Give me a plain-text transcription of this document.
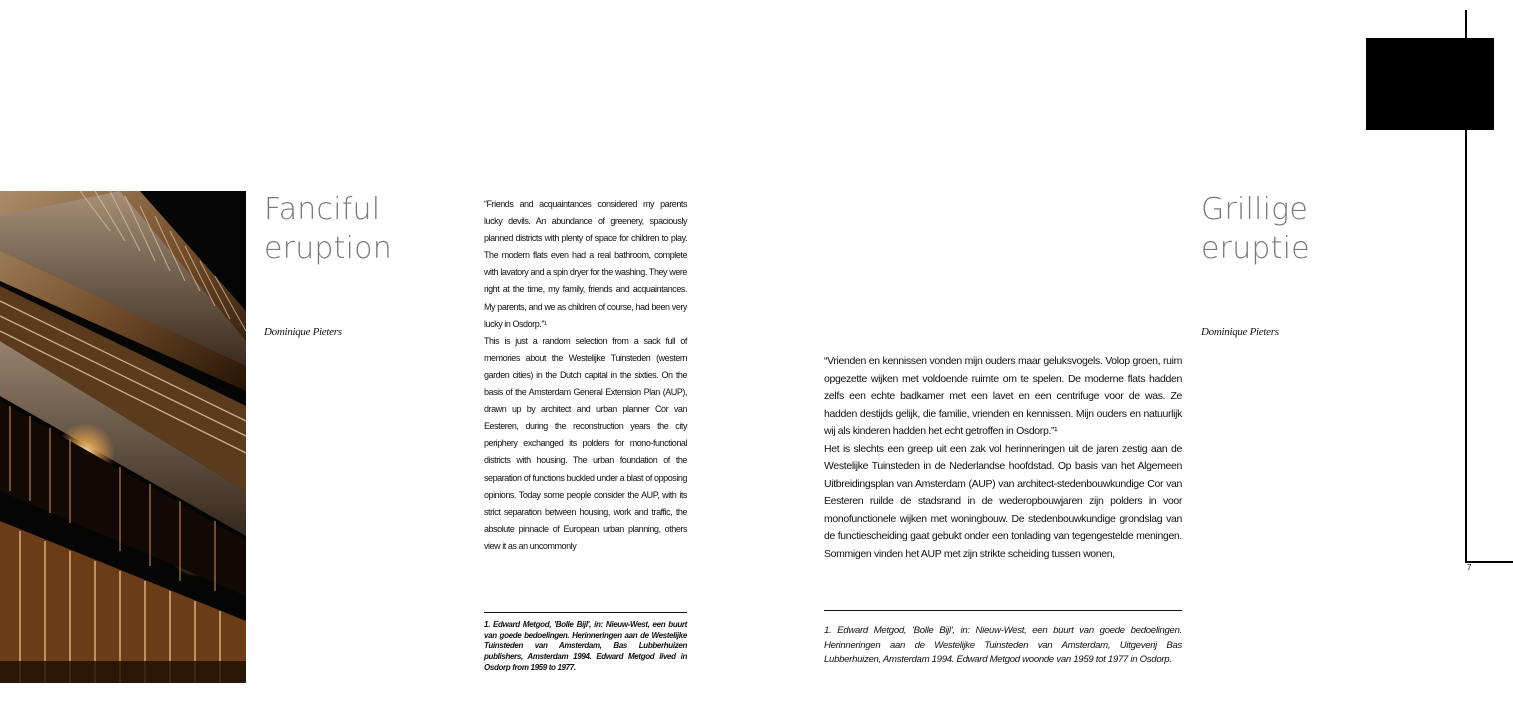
Fanciful
eruption
Dominique Pieters

“Friends and acquaintances considered my parents lucky devils. An abundance of greenery, spaciously planned districts with plenty of space for children to play. The modern flats even had a real bathroom, complete with lavatory and a spin dryer for the washing. They were right at the time, my family, friends and acquaintances. My parents, and we as children of course, had been very lucky in Osdorp.”¹

This is just a random selection from a sack full of memories about the Westelijke Tuinsteden (western garden cities) in the Dutch capital in the sixties. On the basis of the Amsterdam General Extension Plan (AUP), drawn up by architect and urban planner Cor van Eesteren, during the reconstruction years the city periphery exchanged its polders for mono-functional districts with housing. The urban foundation of the separation of functions buckled under a blast of opposing opinions. Today some people consider the AUP, with its strict separation between housing, work and traffic, the absolute pinnacle of European urban planning, others view it as an uncommonly

1. Edward Metgod, 'Bolle Bijl', in: Nieuw-West, een buurt van goede bedoelingen. Herinneringen aan de Westelijke Tuinsteden van Amsterdam, Bas Lubberhuizen publishers, Amsterdam 1994. Edward Metgod lived in Osdorp from 1959 to 1977.

“Vrienden en kennissen vonden mijn ouders maar geluksvogels. Volop groen, ruim opgezette wijken met voldoende ruimte om te spelen. De moderne flats hadden zelfs een echte badkamer met een lavet en een centrifuge voor de was. Ze hadden destijds gelijk, die familie, vrienden en kennissen. Mijn ouders en natuurlijk wij als kinderen hadden het echt getroffen in Osdorp.”¹

Het is slechts een greep uit een zak vol herinneringen uit de jaren zestig aan de Westelijke Tuinsteden in de Nederlandse hoofdstad. Op basis van het Algemeen Uitbreidingsplan van Amsterdam (AUP) van architect-stedenbouwkundige Cor van Eesteren ruilde de stadsrand in de wederopbouwjaren zijn polders in voor monofunctionele wijken met woningbouw. De stedenbouwkundige grondslag van de functiescheiding gaat gebukt onder een tonlading van tegengestelde meningen. Sommigen vinden het AUP met zijn strikte scheiding tussen wonen,

1. Edward Metgod, 'Bolle Bijl', in: Nieuw-West, een buurt van goede bedoelingen. Herinneringen aan de Westelijke Tuinsteden van Amsterdam, Uitgeverij Bas Lubberhuizen, Amsterdam 1994. Edward Metgod woonde van 1959 tot 1977 in Osdorp.
Grillige
eruptie
Dominique Pieters
7
